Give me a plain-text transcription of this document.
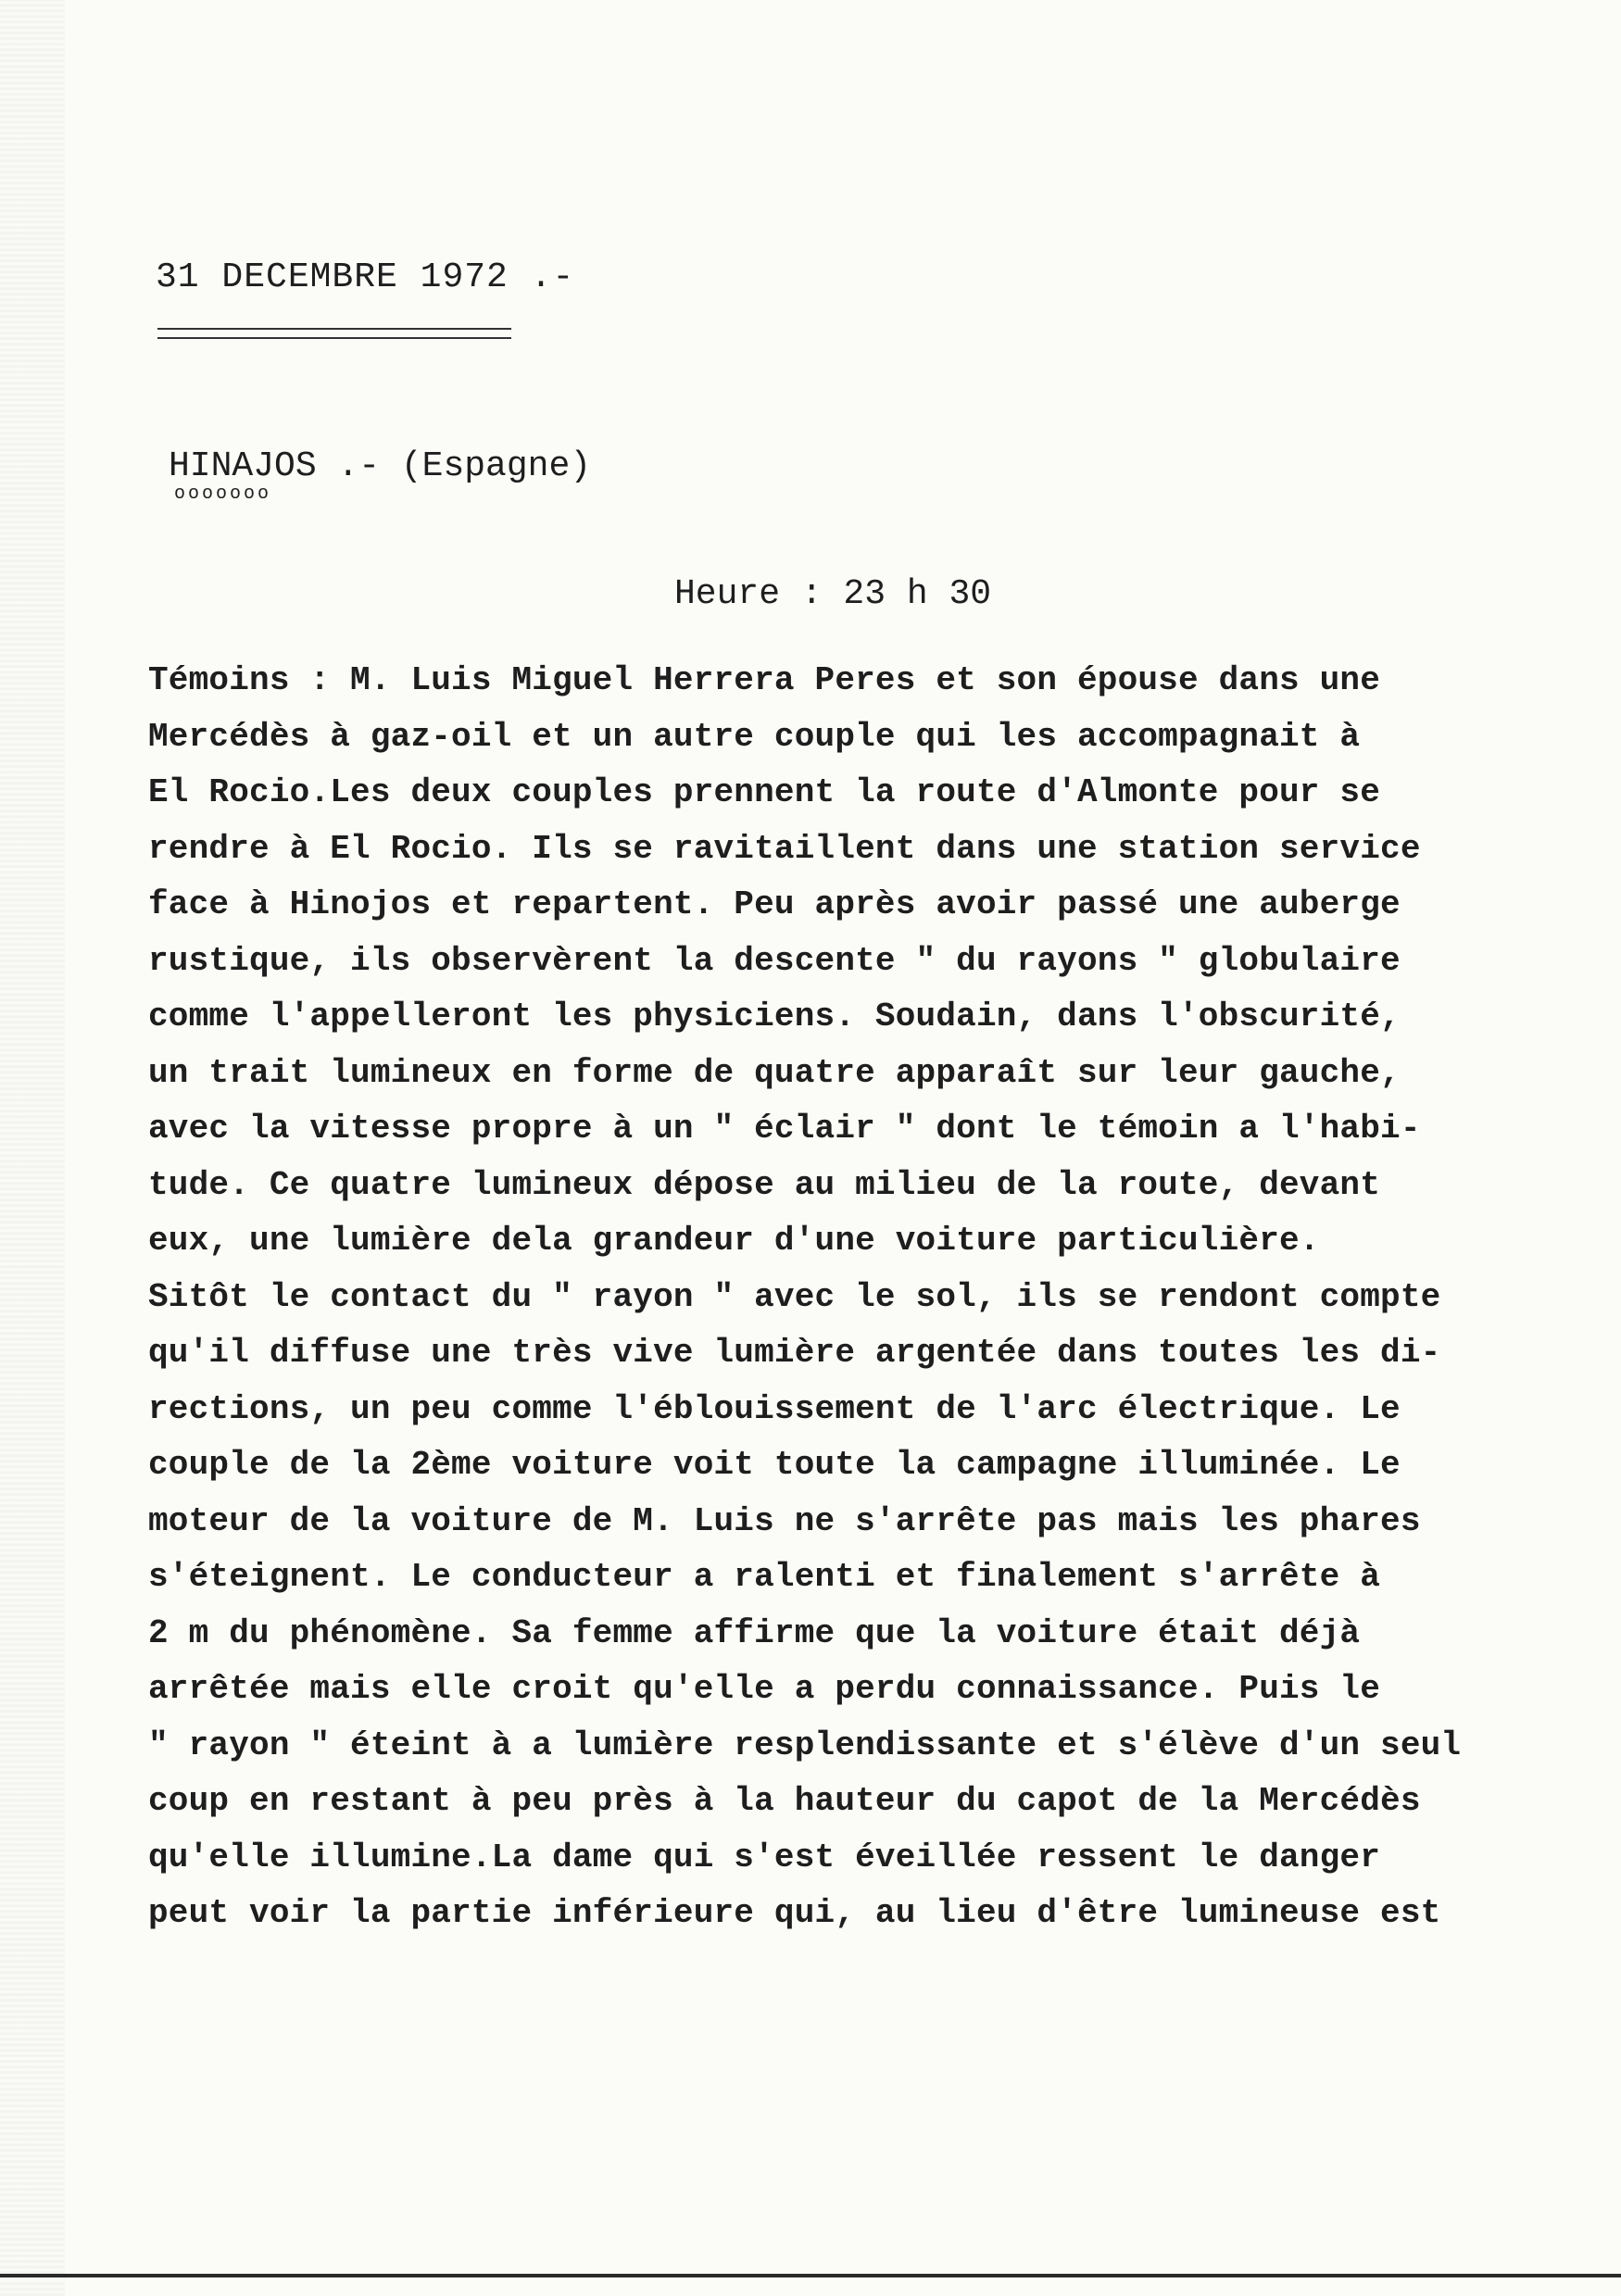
31 DECEMBRE 1972 .-
HINAJOS .- (Espagne)
ooooooo
Heure : 23 h 30
Témoins : M. Luis Miguel Herrera Peres et son épouse dans une
Mercédès à gaz-oil et un autre couple qui les accompagnait à
El Rocio.Les deux couples prennent la route d'Almonte pour se
rendre à El Rocio. Ils se ravitaillent dans une station service
face à Hinojos et repartent. Peu après avoir passé une auberge
rustique, ils observèrent la descente " du rayons " globulaire
comme l'appelleront les physiciens. Soudain, dans l'obscurité,
un trait lumineux en forme de quatre apparaît sur leur gauche,
avec la vitesse propre à un " éclair " dont le témoin a l'habi-
tude. Ce quatre lumineux dépose au milieu de la route, devant
eux, une lumière dela grandeur d'une voiture particulière.
Sitôt le contact du " rayon " avec le sol, ils se rendont compte
qu'il diffuse une très vive lumière argentée dans toutes les di-
rections, un peu comme l'éblouissement de l'arc électrique. Le
couple de la 2ème voiture voit toute la campagne illuminée. Le
moteur de la voiture de M. Luis ne s'arrête pas mais les phares
s'éteignent. Le conducteur a ralenti et finalement s'arrête à
2 m du phénomène. Sa femme affirme que la voiture était déjà
arrêtée mais elle croit qu'elle a perdu connaissance. Puis le
" rayon " éteint à a lumière resplendissante et s'élève d'un seul
coup en restant à peu près à la hauteur du capot de la Mercédès
qu'elle illumine.La dame qui s'est éveillée ressent le danger
peut voir la partie inférieure qui, au lieu d'être lumineuse est
